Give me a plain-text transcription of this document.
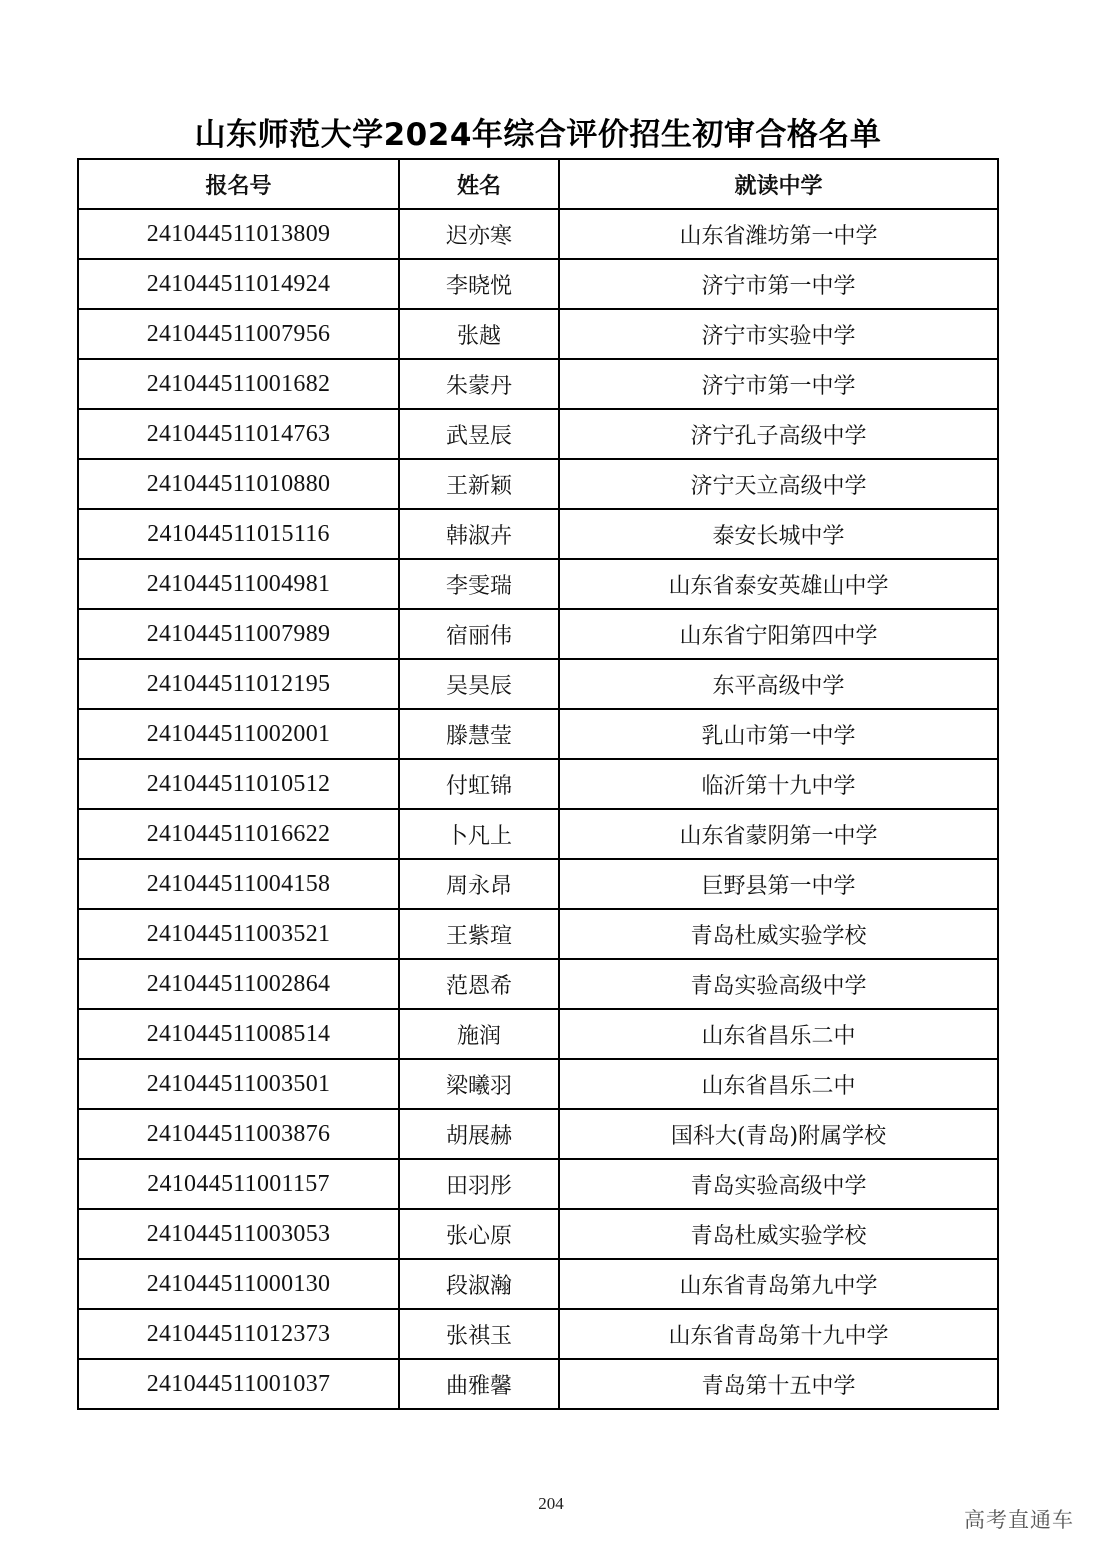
山东师范大学2024年综合评价招生初审合格名单
报名号	姓名	就读中学
241044511013809	迟亦寒	山东省潍坊第一中学
241044511014924	李晓悦	济宁市第一中学
241044511007956	张越	济宁市实验中学
241044511001682	朱蒙丹	济宁市第一中学
241044511014763	武昱辰	济宁孔子高级中学
241044511010880	王新颖	济宁天立高级中学
241044511015116	韩淑卉	泰安长城中学
241044511004981	李雯瑞	山东省泰安英雄山中学
241044511007989	宿丽伟	山东省宁阳第四中学
241044511012195	吴昊辰	东平高级中学
241044511002001	滕慧莹	乳山市第一中学
241044511010512	付虹锦	临沂第十九中学
241044511016622	卜凡上	山东省蒙阴第一中学
241044511004158	周永昂	巨野县第一中学
241044511003521	王紫瑄	青岛杜威实验学校
241044511002864	范恩希	青岛实验高级中学
241044511008514	施润	山东省昌乐二中
241044511003501	梁曦羽	山东省昌乐二中
241044511003876	胡展赫	国科大(青岛)附属学校
241044511001157	田羽彤	青岛实验高级中学
241044511003053	张心原	青岛杜威实验学校
241044511000130	段淑瀚	山东省青岛第九中学
241044511012373	张祺玉	山东省青岛第十九中学
241044511001037	曲雅馨	青岛第十五中学
204
高考直通车
